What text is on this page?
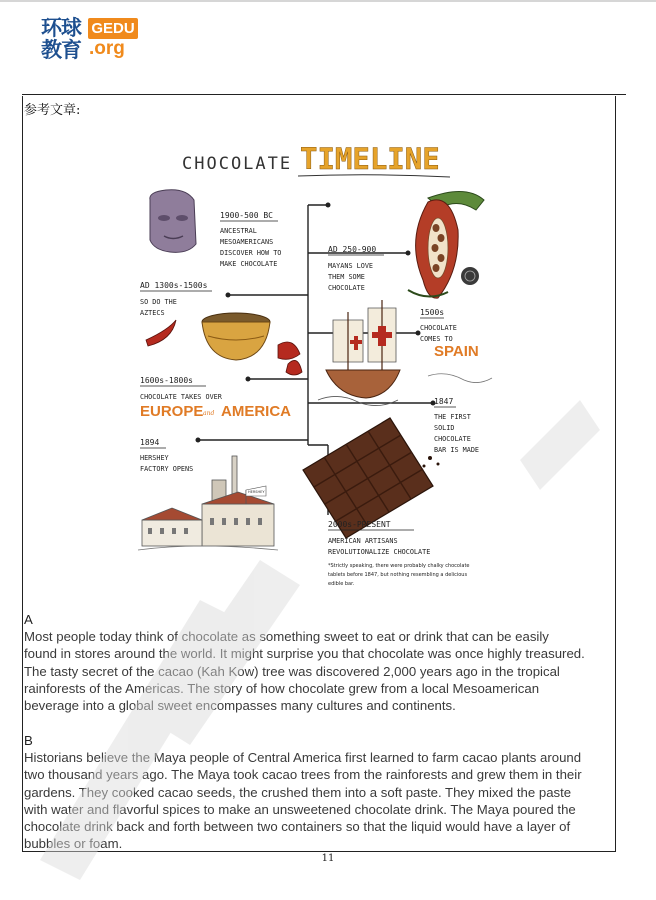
环球
教育
GEDU
.org
参考文章:
CHOCOLATE TIMELINE
1900-500 BC
ANCESTRAL MESOAMERICANS DISCOVER HOW TO MAKE CHOCOLATE
AD 250-900
MAYANS LOVE THEM SOME CHOCOLATE
AD 1300s-1500s
SO DO THE AZTECS	1500s
CHOCOLATE COMES TO
SPAIN
1600s-1800s
CHOCOLATE TAKES OVER
EUROPE and AMERICA
1847
THE FIRST SOLID CHOCOLATE BAR IS MADE
1894
HERSHEY FACTORY OPENS
HERSHEY
2000s-PRESENT
AMERICAN ARTISANS REVOLUTIONALIZE CHOCOLATE
*Strictly speaking, there were probably chalky chocolate tablets before 1847, but nothing resembling a delicious edible bar.
A
Most people today think of chocolate as something sweet to eat or drink that can be easily
found in stores around the world. It might surprise you that chocolate was once highly treasured.
The tasty secret of the cacao (Kah Kow) tree was discovered 2,000 years ago in the tropical
rainforests of the Americas. The story of how chocolate grew from a local Mesoamerican
beverage into a global sweet encompasses many cultures and continents.
B
Historians believe the Maya people of Central America first learned to farm cacao plants around
two thousand years ago. The Maya took cacao trees from the rainforests and grew them in their
gardens. They cooked cacao seeds, the crushed them into a soft paste. They mixed the paste
with water and flavorful spices to make an unsweetened chocolate drink. The Maya poured the
chocolate drink back and forth between two containers so that the liquid would have a layer of
bubbles or foam.
11
